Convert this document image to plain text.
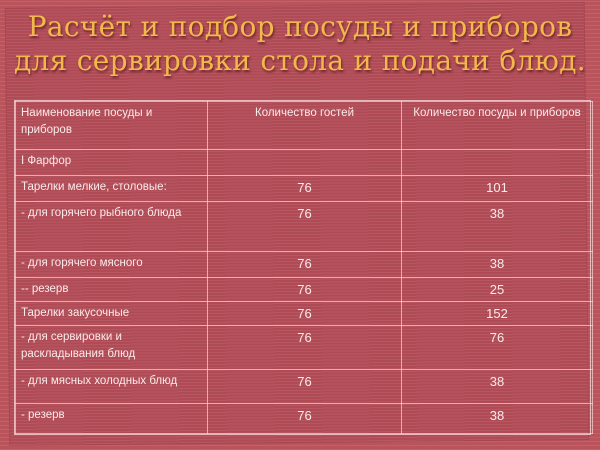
Расчёт и подбор посуды и приборов
для сервировки стола и подачи блюд.
Наименование посуды и приборов	Количество гостей	Количество посуды и приборов
I Фарфор		
Тарелки мелкие, столовые:	76	101
- для горячего рыбного блюда	76	38
- для горячего мясного	76	38
-- резерв	76	25
Тарелки закусочные	76	152
- для сервировки и раскладывания блюд	76	76
- для мясных холодных блюд	76	38
- резерв	76	38
